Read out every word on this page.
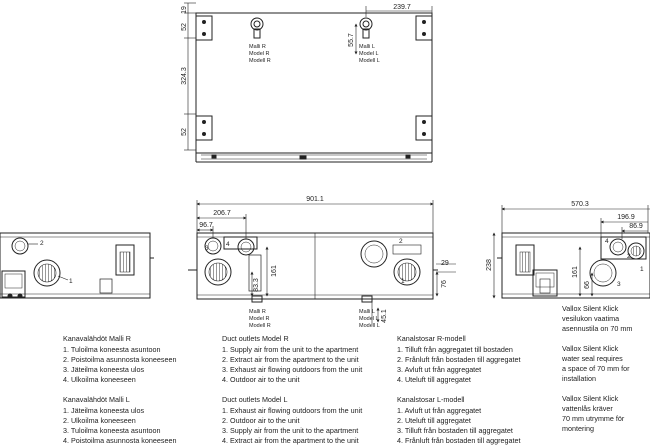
19
52
324.3
52
239.7
55.7
Malli R
Model R
Modell R
Malli L
Model L
Modell L
2
1
901.1
206.7
96.7
161
83.3
29
76
45.1
3
4	2
1
Malli R
Model R
Modell R
Malli L
Model L
Modell L
570.3
196.9
86.9
238
161
66
4
2
3
1
Kanavalähdöt Malli R
1. Tuloilma koneesta asuntoon
2. Poistoilma asunnosta koneeseen
3. Jäteilma koneesta ulos
4. Ulkoilma koneeseen
Kanavalähdöt Malli L
1. Jäteilma koneesta ulos
2. Ulkoilma koneeseen
3. Tuloilma koneesta asuntoon
4. Poistoilma asunnosta koneeseen
Duct outlets Model R
1. Supply air from the unit to the apartment
2. Extract air from the apartment to the unit
3. Exhaust air flowing outdoors from the unit
4. Outdoor air to the unit
Duct outlets Model L
1. Exhaust air flowing outdoors from the unit
2. Outdoor air to the unit
3. Supply air from the unit to the apartment
4. Extract air from the apartment to the unit
Kanalstosar R-modell
1. Tilluft från aggregatet till bostaden
2. Frånluft från bostaden till aggregatet
3. Avluft ut från aggregatet
4. Uteluft till aggregatet
Kanalstosar L-modell
1. Avluft ut från aggregatet
2. Uteluft till aggregatet
3. Tilluft från bostaden till aggregatet
4. Frånluft från bostaden till aggregatet

Vallox Silent Klick
vesilukon vaatima
asennustila on 70 mm

Vallox Silent Klick
water seal requires
a space of 70 mm for
installation

Vallox Silent Klick
vattenlås kräver
70 mm utrymme för
montering
